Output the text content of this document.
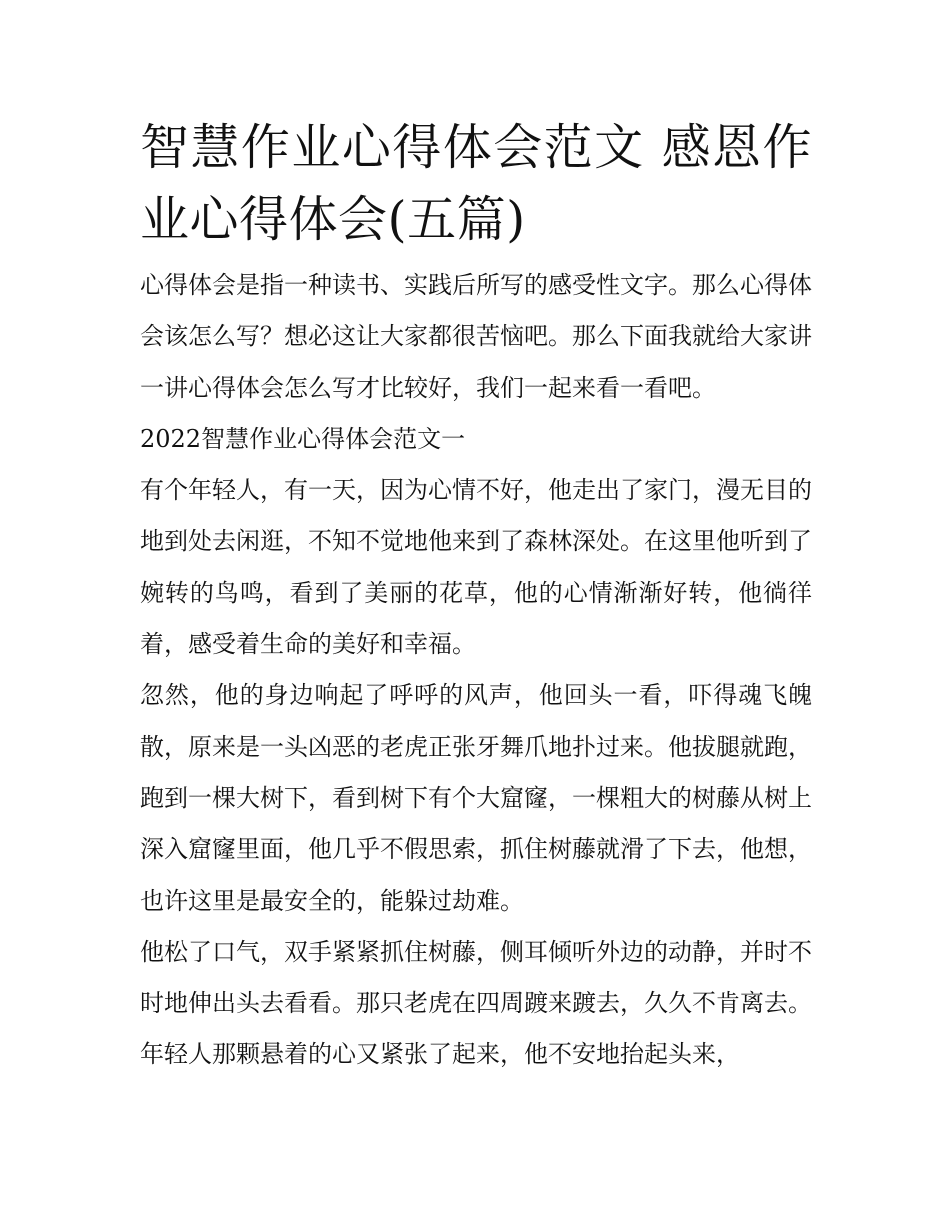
智慧作业心得体会范文 感恩作业心得体会(五篇)

心得体会是指一种读书、实践后所写的感受性文字。那么心得体会该怎么写？想必这让大家都很苦恼吧。那么下面我就给大家讲一讲心得体会怎么写才比较好，我们一起来看一看吧。

2022智慧作业心得体会范文一

有个年轻人，有一天，因为心情不好，他走出了家门，漫无目的地到处去闲逛，不知不觉地他来到了森林深处。在这里他听到了婉转的鸟鸣，看到了美丽的花草，他的心情渐渐好转，他徜徉着，感受着生命的美好和幸福。

忽然，他的身边响起了呼呼的风声，他回头一看，吓得魂飞魄散，原来是一头凶恶的老虎正张牙舞爪地扑过来。他拔腿就跑，跑到一棵大树下，看到树下有个大窟窿，一棵粗大的树藤从树上深入窟窿里面，他几乎不假思索，抓住树藤就滑了下去，他想，也许这里是最安全的，能躲过劫难。

他松了口气，双手紧紧抓住树藤，侧耳倾听外边的动静，并时不时地伸出头去看看。那只老虎在四周踱来踱去，久久不肯离去。年轻人那颗悬着的心又紧张了起来，他不安地抬起头来，
